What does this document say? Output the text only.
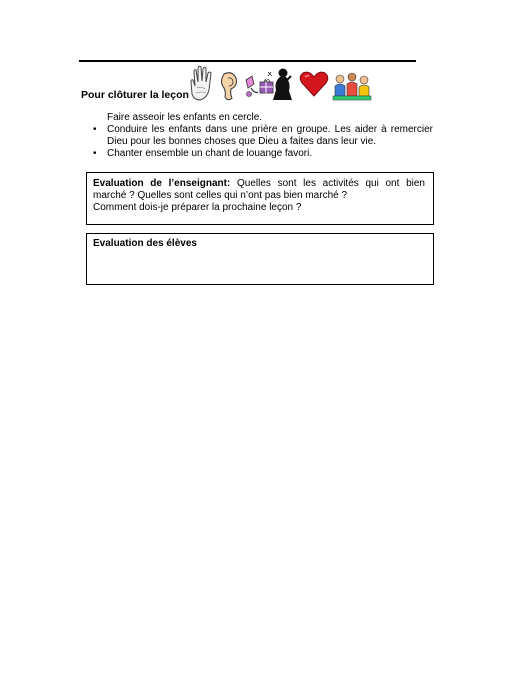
Pour clôturer la leçon

Faire asseoir les enfants en cercle.

• Conduire les enfants dans une prière en groupe. Les aider à remercier Dieu pour les bonnes choses que Dieu a faites dans leur vie.
• Chanter ensemble un chant de louange favori.
Evaluation de l’enseignant: Quelles sont les activités qui ont bien marché ? Quelles sont celles qui n’ont pas bien marché ?
Comment dois-je préparer la prochaine leçon ?
Evaluation des élèves
